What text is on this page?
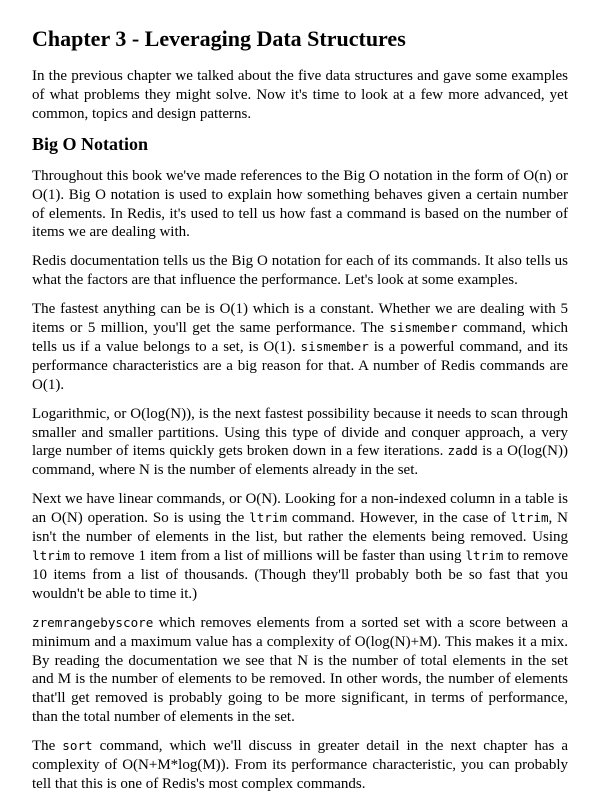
Chapter 3 - Leveraging Data Structures

In the previous chapter we talked about the five data structures and gave some examples of what problems they might solve. Now it's time to look at a few more advanced, yet common, topics and design patterns.

Big O Notation

Throughout this book we've made references to the Big O notation in the form of O(n) or O(1). Big O notation is used to explain how something behaves given a certain number of elements. In Redis, it's used to tell us how fast a command is based on the number of items we are dealing with.

Redis documentation tells us the Big O notation for each of its commands. It also tells us what the factors are that influence the performance. Let's look at some examples.

The fastest anything can be is O(1) which is a constant. Whether we are dealing with 5 items or 5 million, you'll get the same performance. The sismember command, which tells us if a value belongs to a set, is O(1). sismember is a powerful command, and its performance characteristics are a big reason for that. A number of Redis commands are O(1).

Logarithmic, or O(log(N)), is the next fastest possibility because it needs to scan through smaller and smaller partitions. Using this type of divide and conquer approach, a very large number of items quickly gets broken down in a few iterations. zadd is a O(log(N)) command, where N is the number of elements already in the set.

Next we have linear commands, or O(N). Looking for a non-indexed column in a table is an O(N) operation. So is using the ltrim command. However, in the case of ltrim, N isn't the number of elements in the list, but rather the elements being removed. Using ltrim to remove 1 item from a list of millions will be faster than using ltrim to remove 10 items from a list of thousands. (Though they'll probably both be so fast that you wouldn't be able to time it.)

zremrangebyscore which removes elements from a sorted set with a score between a minimum and a maximum value has a complexity of O(log(N)+M). This makes it a mix. By reading the documentation we see that N is the number of total elements in the set and M is the number of elements to be removed. In other words, the number of elements that'll get removed is probably going to be more significant, in terms of performance, than the total number of elements in the set.

The sort command, which we'll discuss in greater detail in the next chapter has a complexity of O(N+M*log(M)). From its performance characteristic, you can probably tell that this is one of Redis's most complex commands.
